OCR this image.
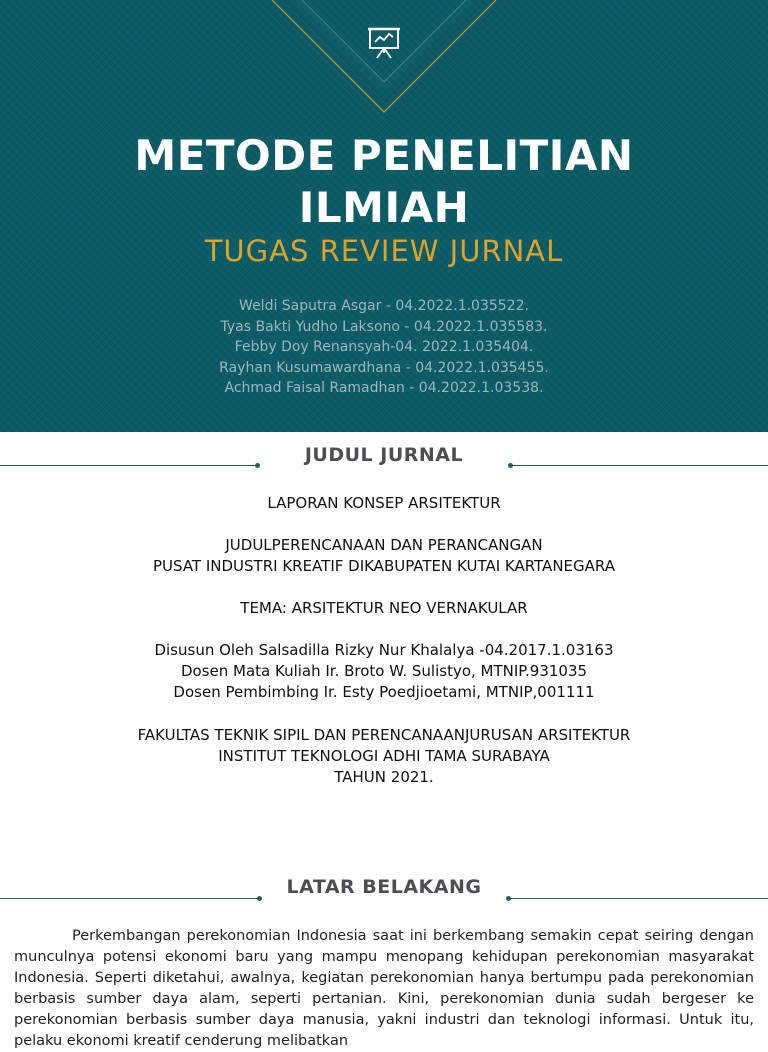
METODE PENELITIAN
ILMIAH
TUGAS REVIEW JURNAL
Weldi Saputra Asgar - 04.2022.1.035522.
Tyas Bakti Yudho Laksono - 04.2022.1.035583.
Febby Doy Renansyah-04. 2022.1.035404.
Rayhan Kusumawardhana - 04.2022.1.035455.
Achmad Faisal Ramadhan - 04.2022.1.03538.
JUDUL JURNAL
LAPORAN KONSEP ARSITEKTUR
JUDULPERENCANAAN DAN PERANCANGAN
PUSAT INDUSTRI KREATIF DIKABUPATEN KUTAI KARTANEGARA
TEMA: ARSITEKTUR NEO VERNAKULAR
Disusun Oleh Salsadilla Rizky Nur Khalalya -04.2017.1.03163
Dosen Mata Kuliah Ir. Broto W. Sulistyo, MTNIP.931035
Dosen Pembimbing Ir. Esty Poedjioetami, MTNIP,001111
FAKULTAS TEKNIK SIPIL DAN PERENCANAANJURUSAN ARSITEKTUR
INSTITUT TEKNOLOGI ADHI TAMA SURABAYA
TAHUN 2021.
LATAR BELAKANG
Perkembangan perekonomian Indonesia saat ini berkembang semakin cepat seiring dengan munculnya potensi ekonomi baru yang mampu menopang kehidupan perekonomian masyarakat Indonesia. Seperti diketahui, awalnya, kegiatan perekonomian hanya bertumpu pada perekonomian berbasis sumber daya alam, seperti pertanian. Kini, perekonomian dunia sudah bergeser ke perekonomian berbasis sumber daya manusia, yakni industri dan teknologi informasi. Untuk itu, pelaku ekonomi kreatif cenderung melibatkan
